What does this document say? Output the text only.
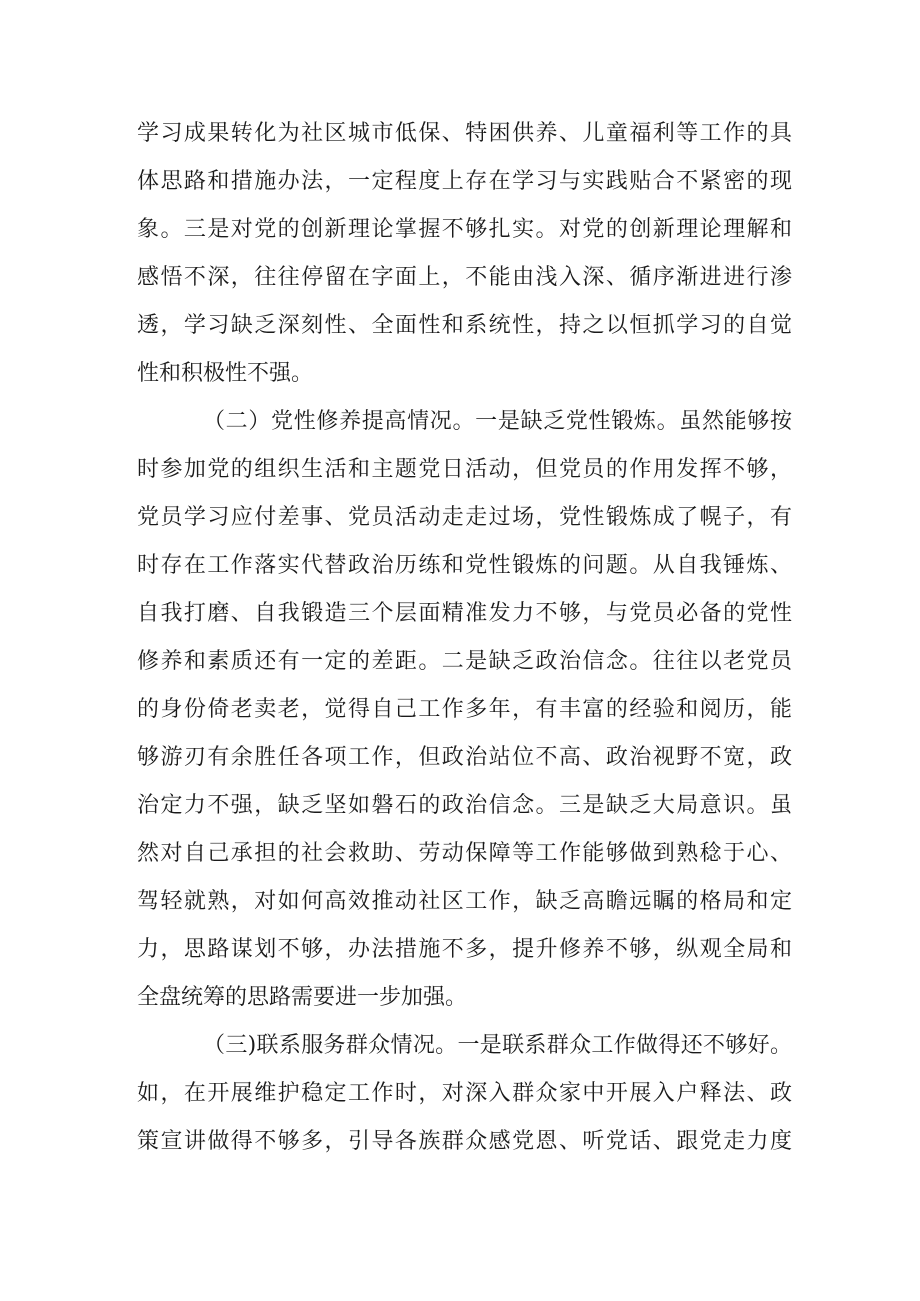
学习成果转化为社区城市低保、特困供养、儿童福利等工作的具
体思路和措施办法，一定程度上存在学习与实践贴合不紧密的现
象。三是对党的创新理论掌握不够扎实。对党的创新理论理解和
感悟不深，往往停留在字面上，不能由浅入深、循序渐进进行渗
透，学习缺乏深刻性、全面性和系统性，持之以恒抓学习的自觉
性和积极性不强。
（二）党性修养提高情况。一是缺乏党性锻炼。虽然能够按
时参加党的组织生活和主题党日活动，但党员的作用发挥不够，
党员学习应付差事、党员活动走走过场，党性锻炼成了幌子，有
时存在工作落实代替政治历练和党性锻炼的问题。从自我锤炼、
自我打磨、自我锻造三个层面精准发力不够，与党员必备的党性
修养和素质还有一定的差距。二是缺乏政治信念。往往以老党员
的身份倚老卖老，觉得自己工作多年，有丰富的经验和阅历，能
够游刃有余胜任各项工作，但政治站位不高、政治视野不宽，政
治定力不强，缺乏坚如磐石的政治信念。三是缺乏大局意识。虽
然对自己承担的社会救助、劳动保障等工作能够做到熟稔于心、
驾轻就熟，对如何高效推动社区工作，缺乏高瞻远瞩的格局和定
力，思路谋划不够，办法措施不多，提升修养不够，纵观全局和
全盘统筹的思路需要进一步加强。
（三)联系服务群众情况。一是联系群众工作做得还不够好。
如，在开展维护稳定工作时，对深入群众家中开展入户释法、政
策宣讲做得不够多，引导各族群众感党恩、听党话、跟党走力度
